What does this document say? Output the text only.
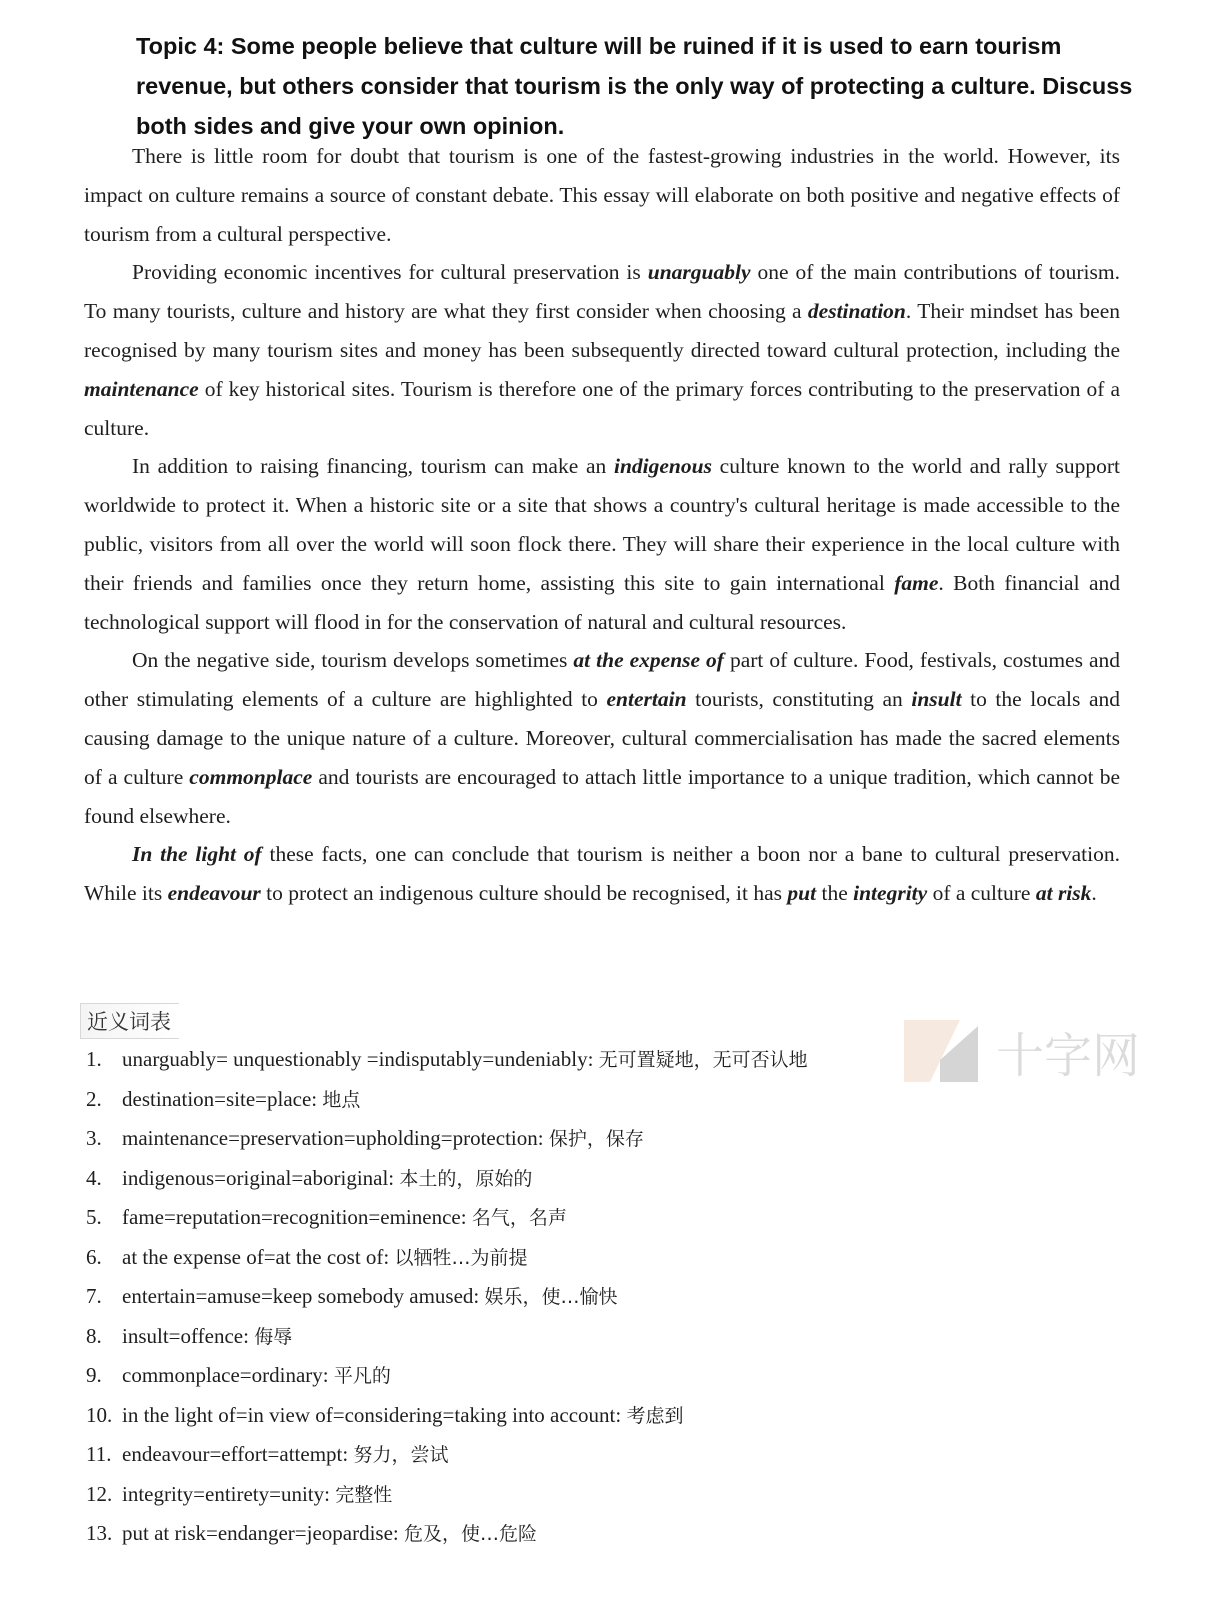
Topic 4: Some people believe that culture will be ruined if it is used to earn tourism revenue, but others consider that tourism is the only way of protecting a culture. Discuss both sides and give your own opinion.

There is little room for doubt that tourism is one of the fastest-growing industries in the world. However, its impact on culture remains a source of constant debate. This essay will elaborate on both positive and negative effects of tourism from a cultural perspective.

Providing economic incentives for cultural preservation is unarguably one of the main contributions of tourism. To many tourists, culture and history are what they first consider when choosing a destination. Their mindset has been recognised by many tourism sites and money has been subsequently directed toward cultural protection, including the maintenance of key historical sites. Tourism is therefore one of the primary forces contributing to the preservation of a culture.

In addition to raising financing, tourism can make an indigenous culture known to the world and rally support worldwide to protect it. When a historic site or a site that shows a country's cultural heritage is made accessible to the public, visitors from all over the world will soon flock there. They will share their experience in the local culture with their friends and families once they return home, assisting this site to gain international fame. Both financial and technological support will flood in for the conservation of natural and cultural resources.

On the negative side, tourism develops sometimes at the expense of part of culture. Food, festivals, costumes and other stimulating elements of a culture are highlighted to entertain tourists, constituting an insult to the locals and causing damage to the unique nature of a culture. Moreover, cultural commercialisation has made the sacred elements of a culture commonplace and tourists are encouraged to attach little importance to a unique tradition, which cannot be found elsewhere.

In the light of these facts, one can conclude that tourism is neither a boon nor a bane to cultural preservation. While its endeavour to protect an indigenous culture should be recognised, it has put the integrity of a culture at risk.

近义词表
1. unarguably= unquestionably =indisputably=undeniably: 无可置疑地，无可否认地
2. destination=site=place: 地点
3. maintenance=preservation=upholding=protection: 保护，保存
4. indigenous=original=aboriginal: 本土的，原始的
5. fame=reputation=recognition=eminence: 名气，名声
6. at the expense of=at the cost of: 以牺牲…为前提
7. entertain=amuse=keep somebody amused: 娱乐，使…愉快
8. insult=offence: 侮辱
9. commonplace=ordinary: 平凡的
10. in the light of=in view of=considering=taking into account: 考虑到
11. endeavour=effort=attempt: 努力，尝试
12. integrity=entirety=unity: 完整性
13. put at risk=endanger=jeopardise: 危及，使…危险
十字网
